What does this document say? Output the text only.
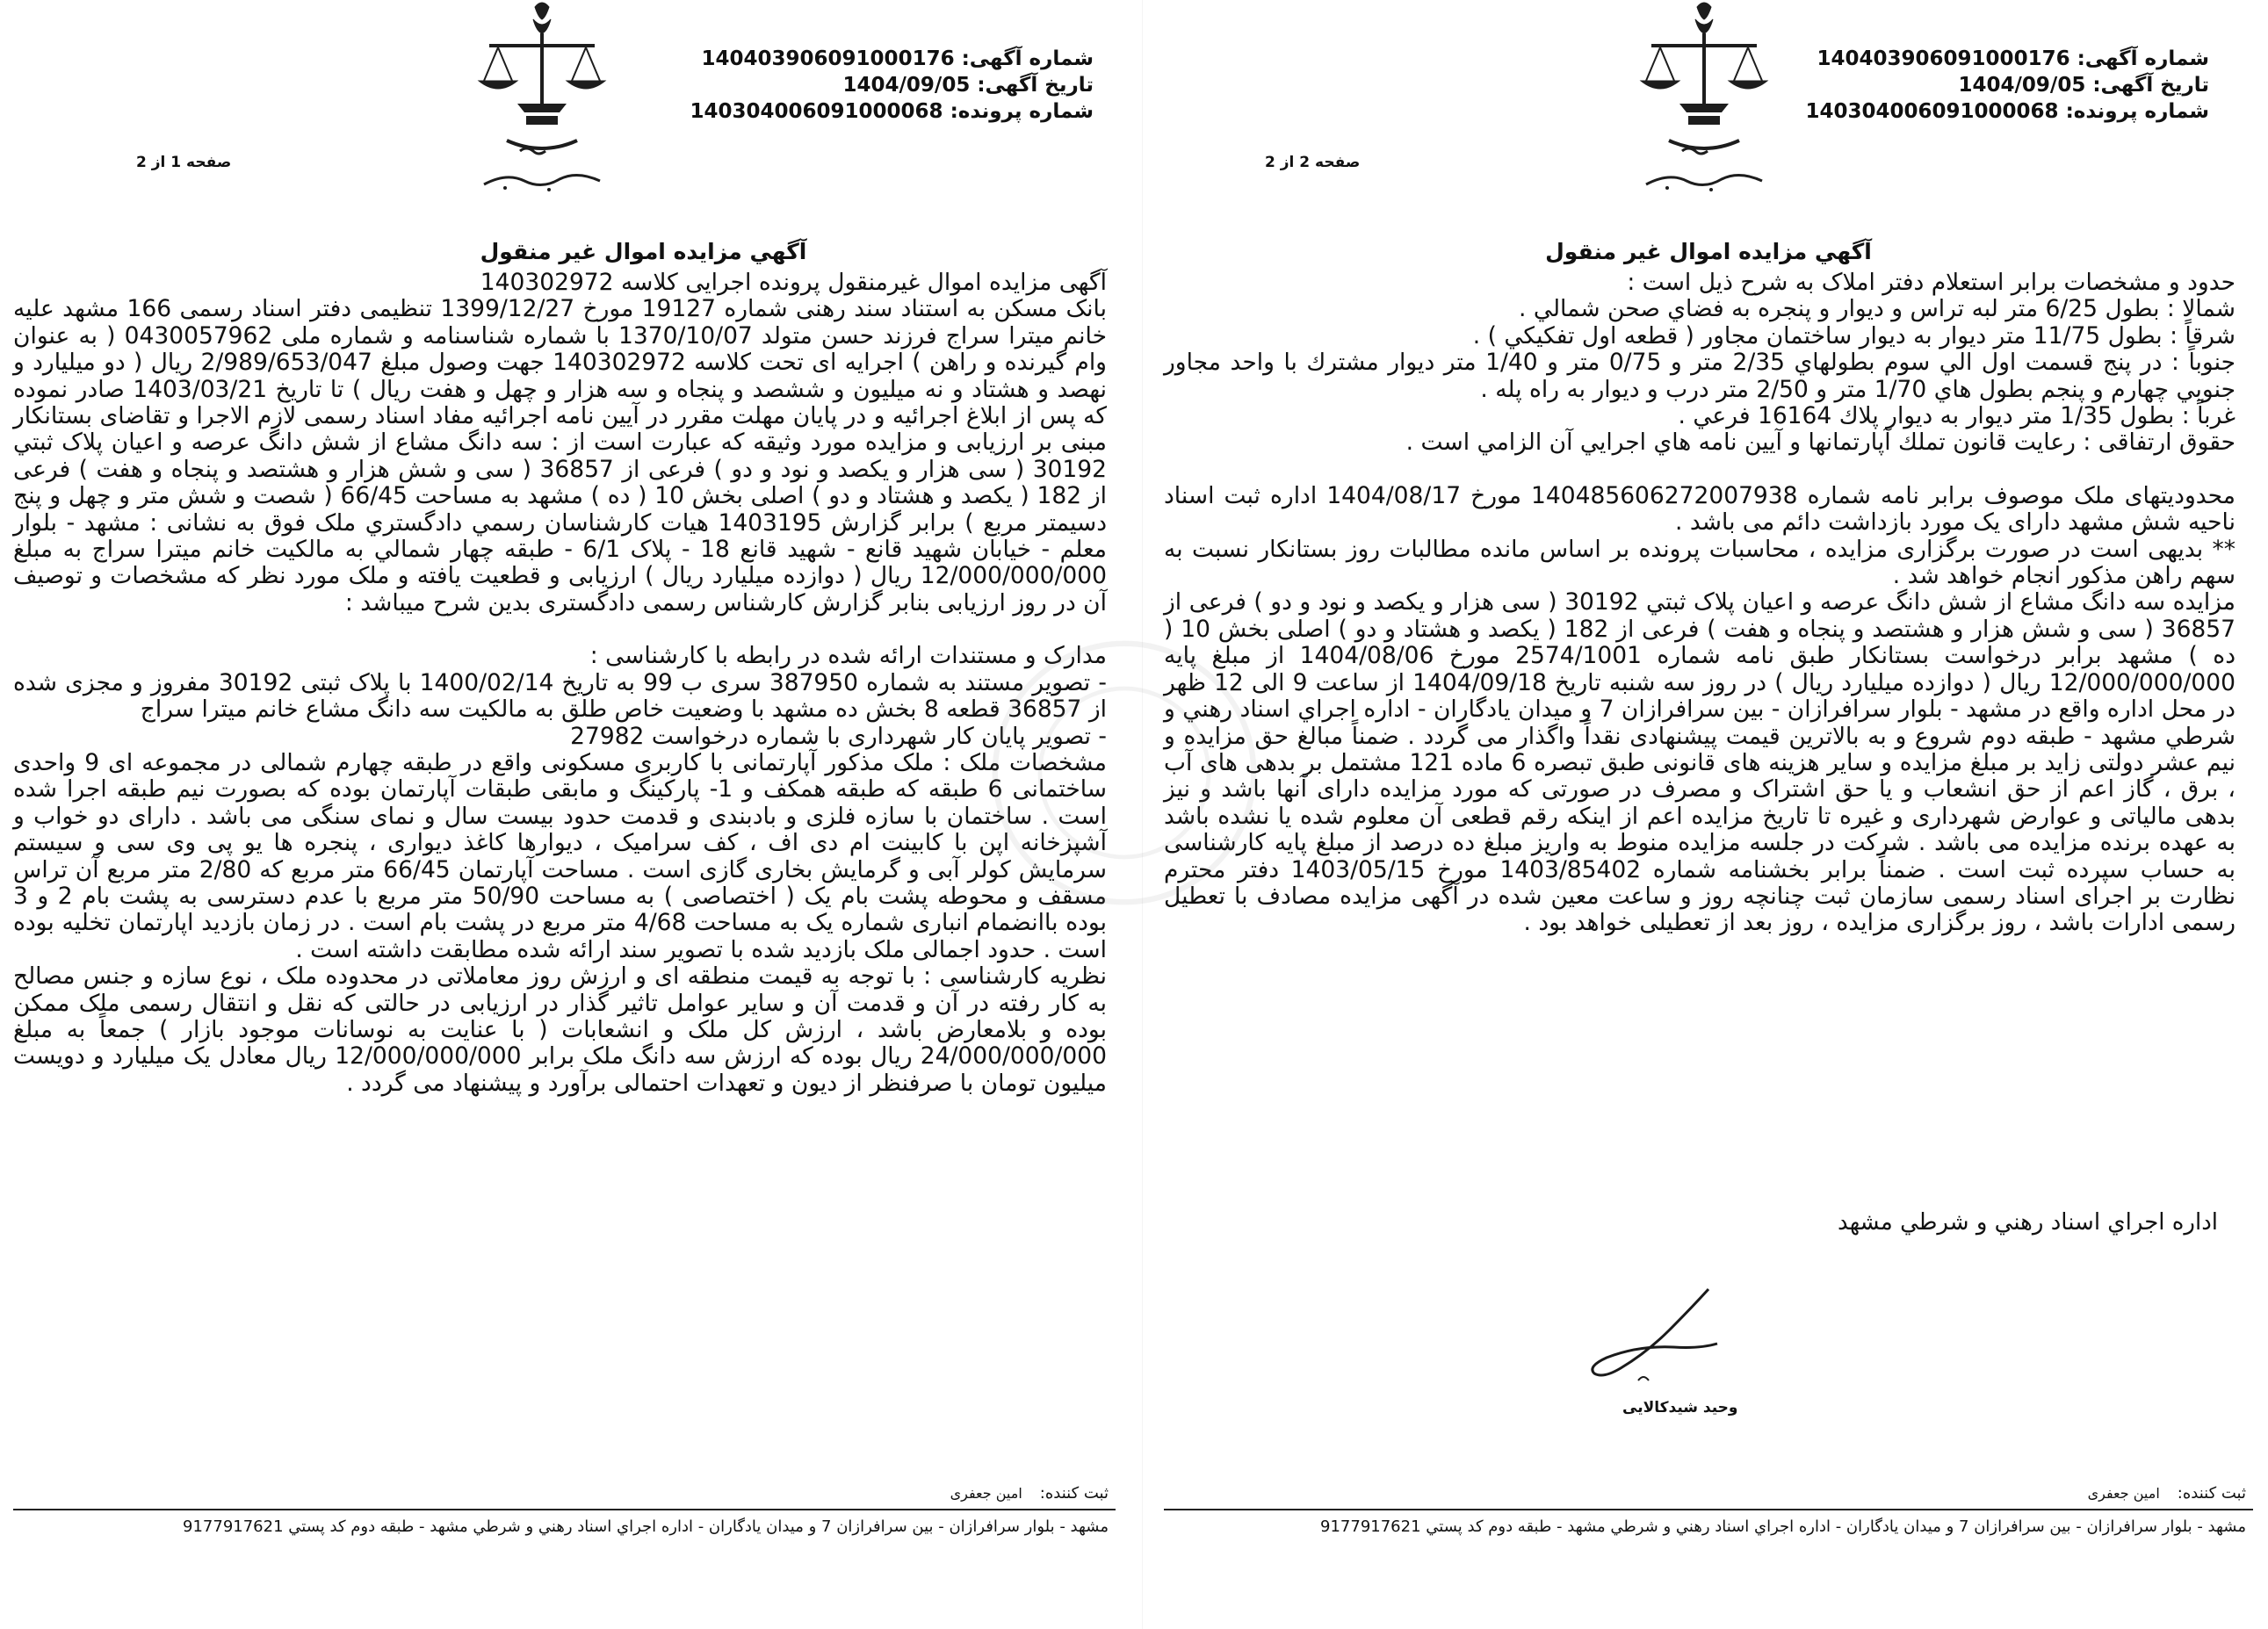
شماره آگهی:140403906091000176
تاریخ آگهی:1404/09/05
شماره پرونده:140304006091000068
صفحه 1 از 2
آگهي مزايده اموال غير منقول

آگهی مزایده اموال غیرمنقول پرونده اجرایی کلاسه 140302972

بانک مسکن به استناد سند رهنی شماره 19127 مورخ 1399/12/27 تنظیمی دفتر اسناد رسمی 166 مشهد علیه خانم میترا سراج فرزند حسن متولد 1370/10/07 با شماره شناسنامه و شماره ملی 0430057962 ( به عنوان وام گیرنده و راهن ) اجرایه ای تحت کلاسه 140302972 جهت وصول مبلغ 2/989/653/047 ریال ( دو میلیارد و نهصد و هشتاد و نه میلیون و ششصد و پنجاه و سه هزار و چهل و هفت ریال ) تا تاریخ 1403/03/21 صادر نموده که پس از ابلاغ اجرائیه و در پایان مهلت مقرر در آیین نامه اجرائیه مفاد اسناد رسمی لازم الاجرا و تقاضای بستانکار مبنی بر ارزیابی و مزایده مورد وثیقه که عبارت است از : سه دانگ مشاع از شش دانگ عرصه و اعیان پلاک ثبتي 30192 ( سی هزار و یکصد و نود و دو ) فرعی از 36857 ( سی و شش هزار و هشتصد و پنجاه و هفت ) فرعی از 182 ( یکصد و هشتاد و دو ) اصلی بخش 10 ( ده ) مشهد به مساحت 66/45 ( شصت و شش متر و چهل و پنج دسیمتر مربع ) برابر گزارش 1403195 هیات کارشناسان رسمي دادگستري ملک فوق به نشانی : مشهد - بلوار معلم - خیابان شهید قانع - شهید قانع 18 - پلاک 6/1 - طبقه چهار شمالي به مالکیت خانم میترا سراج به مبلغ 12/000/000/000 ریال ( دوازده میلیارد ریال ) ارزیابی و قطعیت یافته و ملک مورد نظر که مشخصات و توصیف آن در روز ارزیابی بنابر گزارش کارشناس رسمی دادگستری بدین شرح میباشد :

مدارک و مستندات ارائه شده در رابطه با کارشناسی :

- تصویر مستند به شماره 387950 سری ب 99 به تاریخ 1400/02/14 با پلاک ثبتی 30192 مفروز و مجزی شده از 36857 قطعه 8 بخش ده مشهد با وضعیت خاص طلق به مالکیت سه دانگ مشاع خانم میترا سراج

- تصویر پایان کار شهرداری با شماره درخواست 27982

مشخصات ملک : ملک مذکور آپارتمانی با کاربری مسکونی واقع در طبقه چهارم شمالی در مجموعه ای 9 واحدی ساختمانی 6 طبقه که طبقه همکف و 1- پارکینگ و مابقی طبقات آپارتمان بوده که بصورت نیم طبقه اجرا شده است . ساختمان با سازه فلزی و بادبندی و قدمت حدود بیست سال و نمای سنگی می باشد . دارای دو خواب و آشپزخانه اپن با کابینت ام دی اف ، کف سرامیک ، دیوارها کاغذ دیواری ، پنجره ها یو پی وی سی و سیستم سرمایش کولر آبی و گرمایش بخاری گازی است . مساحت آپارتمان 66/45 متر مربع که 2/80 متر مربع آن تراس مسقف و محوطه پشت بام یک ( اختصاصی ) به مساحت 50/90 متر مربع با عدم دسترسی به پشت بام 2 و 3 بوده باانضمام انباری شماره یک به مساحت 4/68 متر مربع در پشت بام است . در زمان بازدید اپارتمان تخلیه بوده است . حدود اجمالی ملک بازدید شده با تصویر سند ارائه شده مطابقت داشته است .

نظریه کارشناسی : با توجه به قیمت منطقه ای و ارزش روز معاملاتی در محدوده ملک ، نوع سازه و جنس مصالح به کار رفته در آن و قدمت آن و سایر عوامل تاثیر گذار در ارزیابی در حالتی که نقل و انتقال رسمی ملک ممکن بوده و بلامعارض باشد ، ارزش کل ملک و انشعابات ( با عنایت به نوسانات موجود بازار ) جمعاً به مبلغ 24/000/000/000 ریال بوده که ارزش سه دانگ ملک برابر 12/000/000/000 ریال معادل یک میلیارد و دویست میلیون تومان با صرفنظر از دیون و تعهدات احتمالی برآورد و پیشنهاد می گردد .

ثبت کننده:امین جعفری
مشهد - بلوار سرافرازان - بین سرافرازان 7 و میدان یادگاران - اداره اجراي اسناد رهني و شرطي مشهد - طبقه دوم کد پستي 9177917621
شماره آگهی:140403906091000176
تاریخ آگهی:1404/09/05
شماره پرونده:140304006091000068
صفحه 2 از 2
آگهي مزايده اموال غير منقول

حدود و مشخصات برابر استعلام دفتر املاک به شرح ذیل است :

شمالا : بطول 6/25 متر لبه تراس و دیوار و پنجره به فضاي صحن شمالي .

شرقاً : بطول 11/75 متر ديوار به ديوار ساختمان مجاور ( قطعه اول تفکيکي ) .

جنوباً : در پنج قسمت اول الي سوم بطولهاي 2/35 متر و 0/75 متر و 1/40 متر ديوار مشترك با واحد مجاور جنوبي چهارم و پنجم بطول هاي 1/70 متر و 2/50 متر درب و ديوار به راه پله .

غرباً : بطول 1/35 متر ديوار به ديوار پلاك 16164 فرعي .

حقوق ارتفاقی : رعايت قانون تملك آپارتمانها و آيين نامه هاي اجرايي آن الزامي است .

محدودیتهای ملک موصوف برابر نامه شماره 140485606272007938 مورخ 1404/08/17 اداره ثبت اسناد ناحیه شش مشهد دارای یک مورد بازداشت دائم می باشد .

** بدیهی است در صورت برگزاری مزایده ، محاسبات پرونده بر اساس مانده مطالبات روز بستانکار نسبت به سهم راهن مذکور انجام خواهد شد .

مزایده سه دانگ مشاع از شش دانگ عرصه و اعیان پلاک ثبتي 30192 ( سی هزار و یکصد و نود و دو ) فرعی از 36857 ( سی و شش هزار و هشتصد و پنجاه و هفت ) فرعی از 182 ( یکصد و هشتاد و دو ) اصلی بخش 10 ( ده ) مشهد برابر درخواست بستانکار طبق نامه شماره 2574/1001 مورخ 1404/08/06 از مبلغ پایه 12/000/000/000 ریال ( دوازده میلیارد ریال ) در روز سه شنبه تاریخ 1404/09/18 از ساعت 9 الی 12 ظهر در محل اداره واقع در مشهد - بلوار سرافرازان - بین سرافرازان 7 و میدان یادگاران - اداره اجراي اسناد رهني و شرطي مشهد - طبقه دوم شروع و به بالاترین قیمت پیشنهادی نقداً واگذار می گردد . ضمناً مبالغ حق مزایده و نیم عشر دولتی زاید بر مبلغ مزایده و سایر هزینه های قانونی طبق تبصره 6 ماده 121 مشتمل بر بدهی های آب ، برق ، گاز اعم از حق انشعاب و یا حق اشتراک و مصرف در صورتی که مورد مزایده دارای آنها باشد و نیز بدهی مالیاتی و عوارض شهرداری و غیره تا تاریخ مزایده اعم از اینکه رقم قطعی آن معلوم شده یا نشده باشد به عهده برنده مزایده می باشد . شرکت در جلسه مزایده منوط به واریز مبلغ ده درصد از مبلغ پایه کارشناسی به حساب سپرده ثبت است . ضمناً برابر بخشنامه شماره 1403/85402 مورخ 1403/05/15 دفتر محترم نظارت بر اجرای اسناد رسمی سازمان ثبت چنانچه روز و ساعت معین شده در آگهی مزایده مصادف با تعطیل رسمی ادارات باشد ، روز برگزاری مزایده ، روز بعد از تعطیلی خواهد بود .

اداره اجراي اسناد رهني و شرطي مشهد
وحید شیدکالایی
ثبت کننده:امین جعفری
مشهد - بلوار سرافرازان - بین سرافرازان 7 و میدان یادگاران - اداره اجراي اسناد رهني و شرطي مشهد - طبقه دوم کد پستي 9177917621
